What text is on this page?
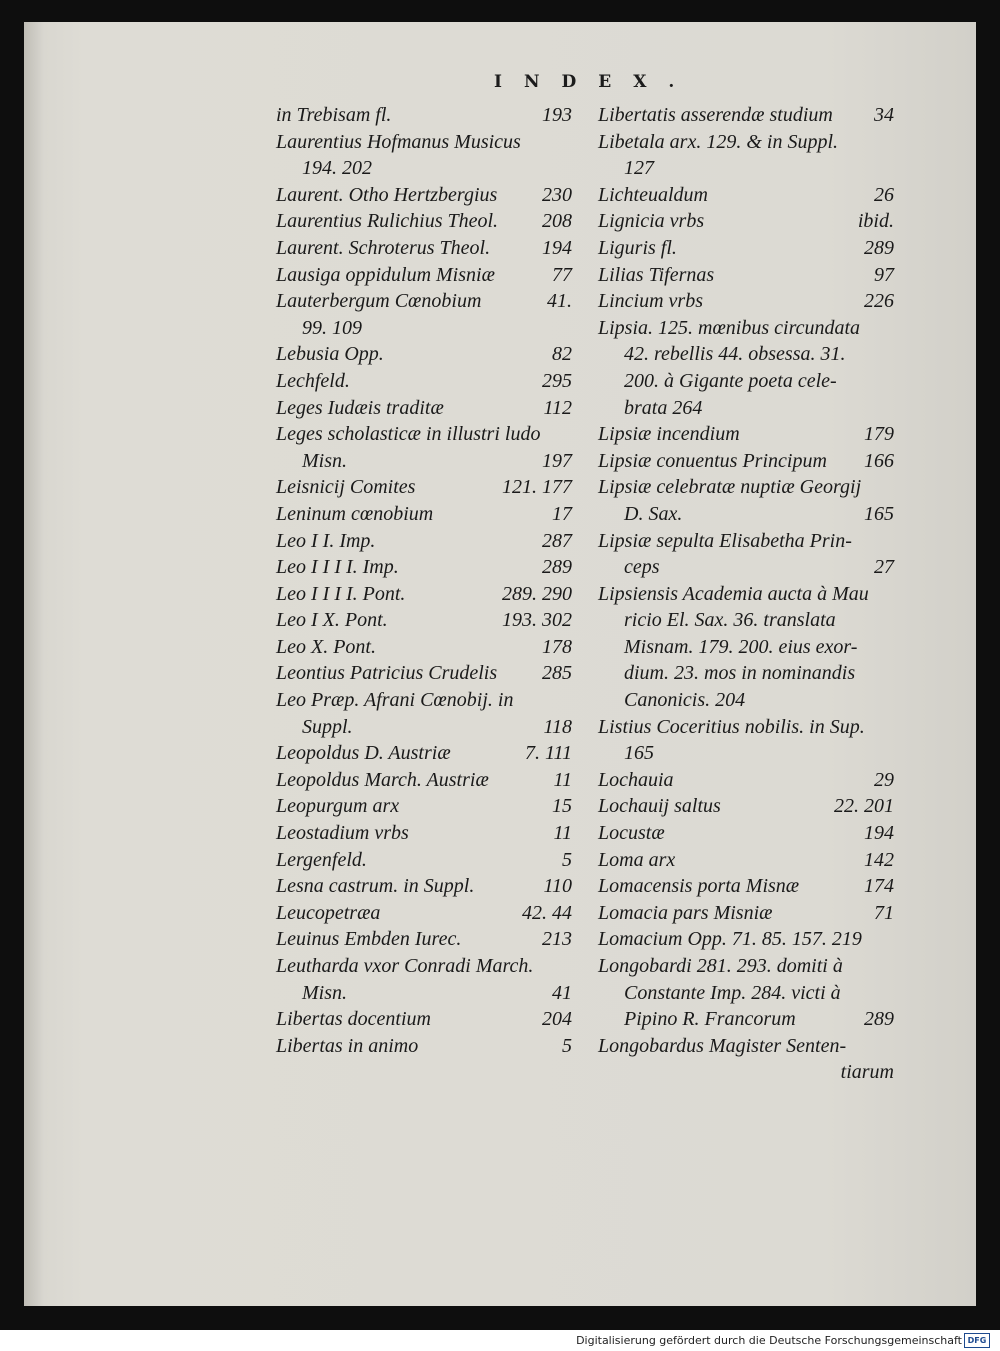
INDEX.
in Trebisam fl.	193
Laurentius Hofmanus Musicus
194. 202
Laurent. Otho Hertzbergius 230
Laurentius Rulichius Theol. 208
Laurent. Schroterus Theol.	194
Lausiga oppidulum Misniæ	77
Lauterbergum Cœnobium	41.
99. 109
Lebusia Opp.	82
Lechfeld.	295
Leges Iudæis traditæ	112
Leges scholasticæ in illustri ludo
Misn.	197
Leisnicij Comites	121. 177
Leninum cœnobium	17
Leo I I. Imp.	287
Leo I I I I. Imp.	289
Leo I I I I. Pont.	289. 290
Leo I X. Pont.	193. 302
Leo X. Pont.	178
Leontius Patricius Crudelis 285
Leo Præp. Afrani Cœnobij. in
Suppl.	118
Leopoldus D. Austriæ	7. 111
Leopoldus March. Austriæ	11
Leopurgum arx	15
Leostadium vrbs	11
Lergenfeld.	5
Lesna castrum. in Suppl.	110
Leucopetræa	42. 44
Leuinus Embden Iurec.	213
Leutharda vxor Conradi March.
Misn.	41
Libertas docentium	204
Libertas in animo	5
Libertatis asserendæ studium 34
Libetala arx. 129. & in Suppl.
127
Lichteualdum	26
Lignicia vrbs	ibid.
Liguris fl.	289
Lilias Tifernas	97
Lincium vrbs	226
Lipsia. 125. mœnibus circundata
42. rebellis 44. obsessa. 31.
200. à Gigante poeta cele-
brata 264
Lipsiæ incendium	179
Lipsiæ conuentus Principum 166
Lipsiæ celebratæ nuptiæ Georgij
D. Sax.	165
Lipsiæ sepulta Elisabetha Prin-
ceps	27
Lipsiensis Academia aucta à Mau
ricio El. Sax. 36. translata
Misnam. 179. 200. eius exor-
dium. 23. mos in nominandis
Canonicis. 204
Listius Coceritius nobilis. in Sup.
165
Lochauia	29
Lochauij saltus	22. 201
Locustæ	194
Loma arx	142
Lomacensis porta Misnæ	174
Lomacia pars Misniæ	71
Lomacium Opp. 71. 85. 157. 219
Longobardi 281. 293. domiti à
Constante Imp. 284. victi à
Pipino R. Francorum	289
Longobardus Magister Senten-
tiarum
Digitalisierung gefördert durch die Deutsche Forschungsgemeinschaft DFG
